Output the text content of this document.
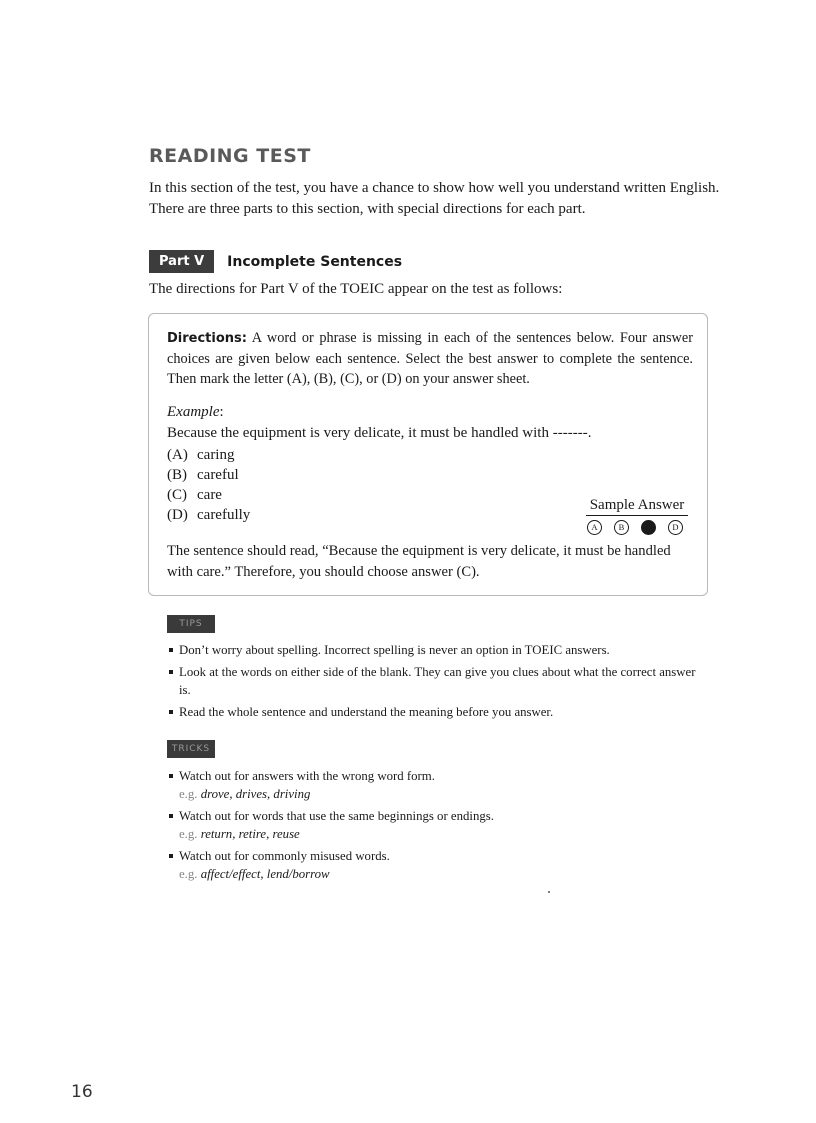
READING TEST

In this section of the test, you have a chance to show how well you understand written English.

There are three parts to this section, with special directions for each part.

Part V	Incomplete Sentences
The directions for Part V of the TOEIC appear on the test as follows:
Directions: A word or phrase is missing in each of the sentences below. Four answer choices are given below each sentence. Select the best answer to complete the sentence. Then mark the letter (A), (B), (C), or (D) on your answer sheet.
Example:
Because the equipment is very delicate, it must be handled with -------.
(A) caring
(B) careful
(C) care
(D) carefully
Sample Answer
A	B	C	D
The sentence should read, “Because the equipment is very delicate, it must be handled with care.” Therefore, you should choose answer (C).
TIPS
Don’t worry about spelling. Incorrect spelling is never an option in TOEIC answers.
Look at the words on either side of the blank. They can give you clues about what the correct answer is.
Read the whole sentence and understand the meaning before you answer.
TRICKS
Watch out for answers with the wrong word form.
e.g. drove, drives, driving
Watch out for words that use the same beginnings or endings.
e.g. return, retire, reuse
Watch out for commonly misused words.
e.g. affect/effect, lend/borrow
16
